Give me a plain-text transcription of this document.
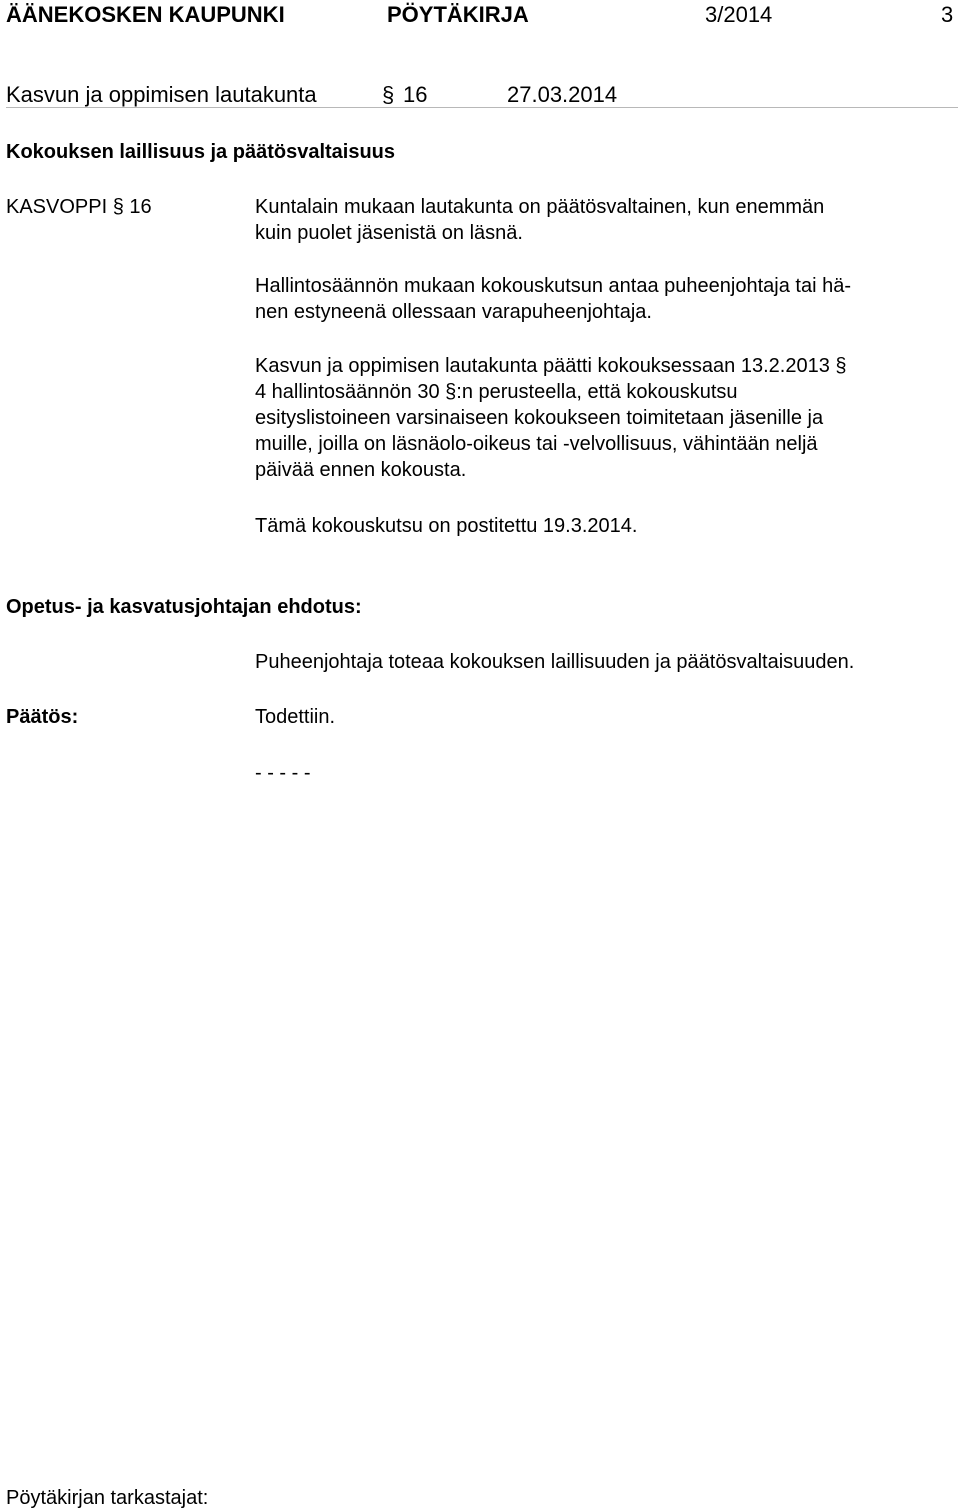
ÄÄNEKOSKEN KAUPUNKI	PÖYTÄKIRJA	3/2014	3
Kasvun ja oppimisen lautakunta	§ 16	27.03.2014
Kokouksen laillisuus ja päätösvaltaisuus
KASVOPPI § 16	Kuntalain mukaan lautakunta on päätösvaltainen, kun enemmän
kuin puolet jäsenistä on läsnä.
Hallintosäännön mukaan kokouskutsun antaa puheenjohtaja tai hä-
nen estyneenä ollessaan varapuheenjohtaja.
Kasvun ja oppimisen lautakunta päätti kokouksessaan 13.2.2013 §
4 hallintosäännön 30 §:n perusteella, että kokouskutsu
esityslistoineen varsinaiseen kokoukseen toimitetaan jäsenille ja
muille, joilla on läsnäolo-oikeus tai -velvollisuus, vähintään neljä
päivää ennen kokousta.
Tämä kokouskutsu on postitettu 19.3.2014.
Opetus- ja kasvatusjohtajan ehdotus:
Puheenjohtaja toteaa kokouksen laillisuuden ja päätösvaltaisuuden.
Päätös:	Todettiin.
- - - - -
Pöytäkirjan tarkastajat:
